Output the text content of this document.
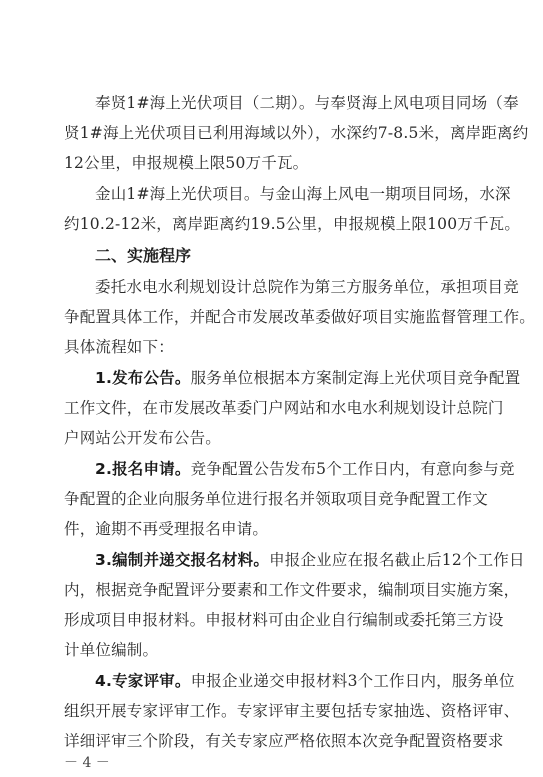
奉贤1#海上光伏项目（二期）。与奉贤海上风电项目同场（奉
贤1#海上光伏项目已利用海域以外），水深约7-8.5米，离岸距离约
12公里，申报规模上限50万千瓦。
金山1#海上光伏项目。与金山海上风电一期项目同场，水深
约10.2-12米，离岸距离约19.5公里，申报规模上限100万千瓦。
二、实施程序
委托水电水利规划设计总院作为第三方服务单位，承担项目竞
争配置具体工作，并配合市发展改革委做好项目实施监督管理工作。
具体流程如下：
1.发布公告。服务单位根据本方案制定海上光伏项目竞争配置
工作文件，在市发展改革委门户网站和水电水利规划设计总院门
户网站公开发布公告。
2.报名申请。竞争配置公告发布5个工作日内，有意向参与竞
争配置的企业向服务单位进行报名并领取项目竞争配置工作文
件，逾期不再受理报名申请。
3.编制并递交报名材料。申报企业应在报名截止后12个工作日
内，根据竞争配置评分要素和工作文件要求，编制项目实施方案，
形成项目申报材料。申报材料可由企业自行编制或委托第三方设
计单位编制。
4.专家评审。申报企业递交申报材料3个工作日内，服务单位
组织开展专家评审工作。专家评审主要包括专家抽选、资格评审、
详细评审三个阶段，有关专家应严格依照本次竞争配置资格要求
－ 4 －
